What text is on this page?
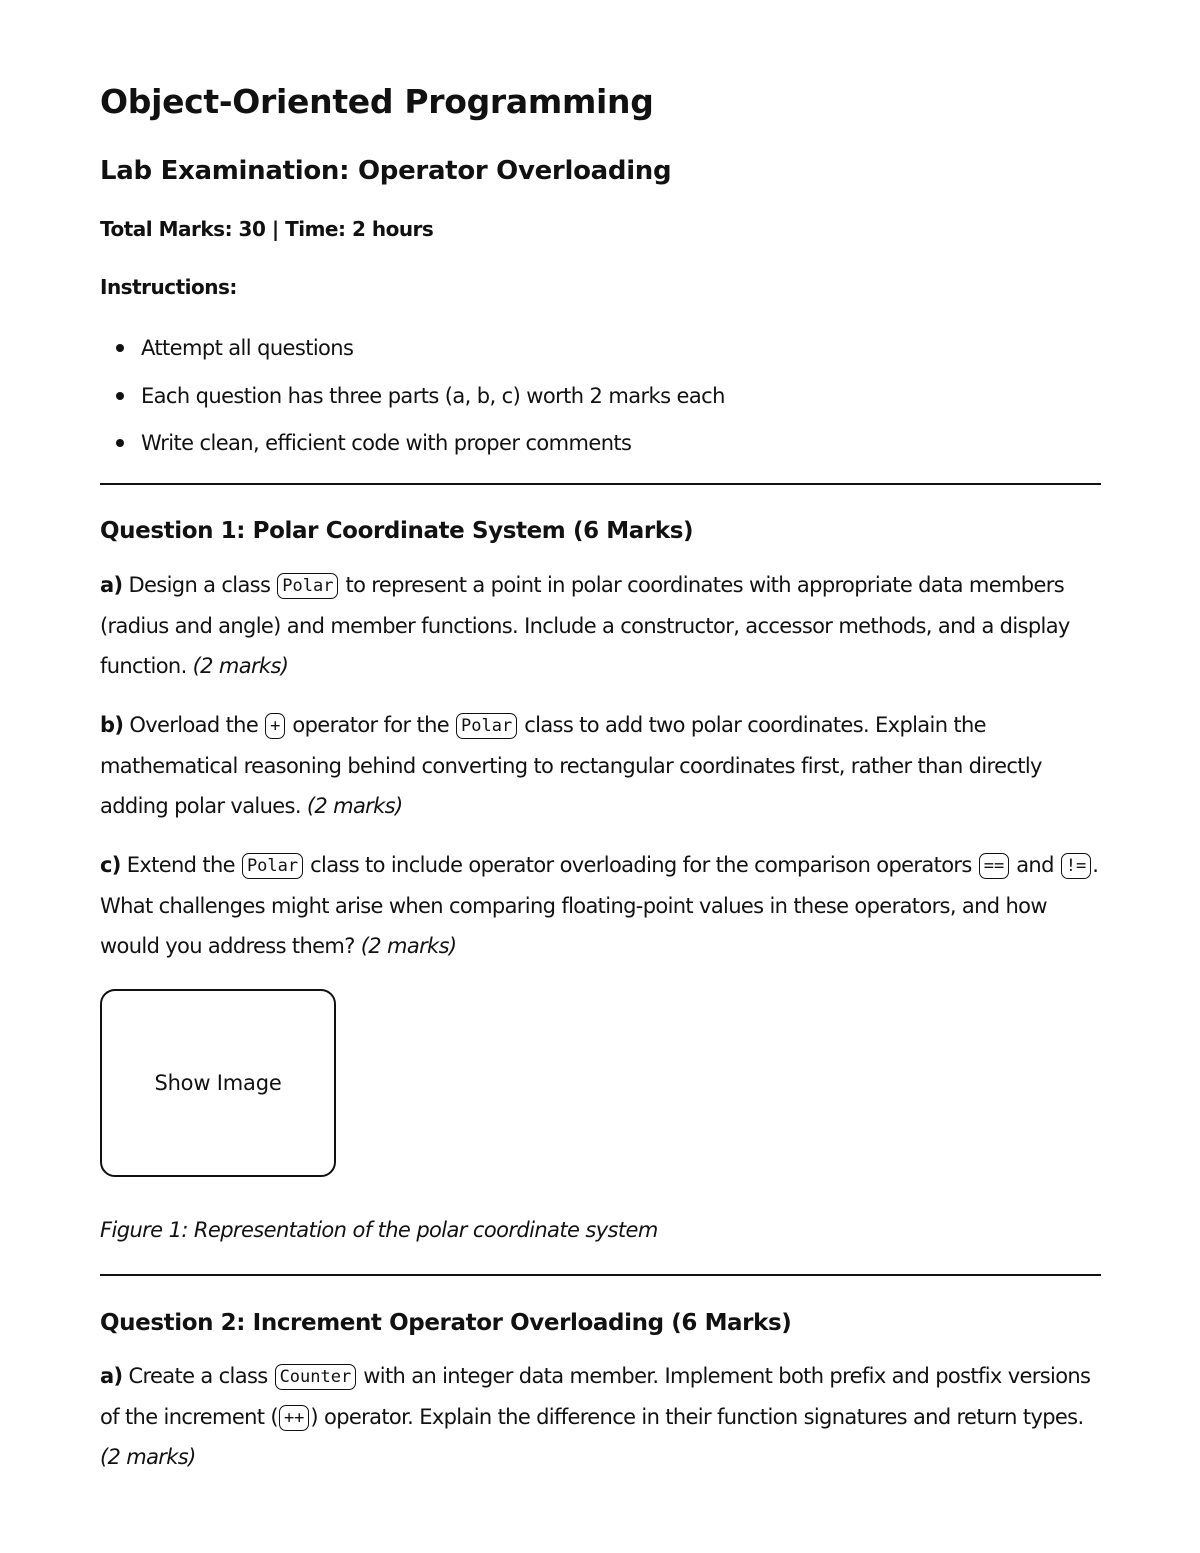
Object-Oriented Programming
Lab Examination: Operator Overloading

Total Marks: 30 | Time: 2 hours

Instructions:

Attempt all questions
Each question has three parts (a, b, c) worth 2 marks each
Write clean, efficient code with proper comments
Question 1: Polar Coordinate System (6 Marks)

a) Design a class Polar to represent a point in polar coordinates with appropriate data members (radius and angle) and member functions. Include a constructor, accessor methods, and a display function. (2 marks)

b) Overload the + operator for the Polar class to add two polar coordinates. Explain the mathematical reasoning behind converting to rectangular coordinates first, rather than directly adding polar values. (2 marks)

c) Extend the Polar class to include operator overloading for the comparison operators == and != . What challenges might arise when comparing floating-point values in these operators, and how would you address them? (2 marks)

Show Image

Figure 1: Representation of the polar coordinate system

Question 2: Increment Operator Overloading (6 Marks)

a) Create a class Counter with an integer data member. Implement both prefix and postfix versions of the increment ( ++ ) operator. Explain the difference in their function signatures and return types. (2 marks)
